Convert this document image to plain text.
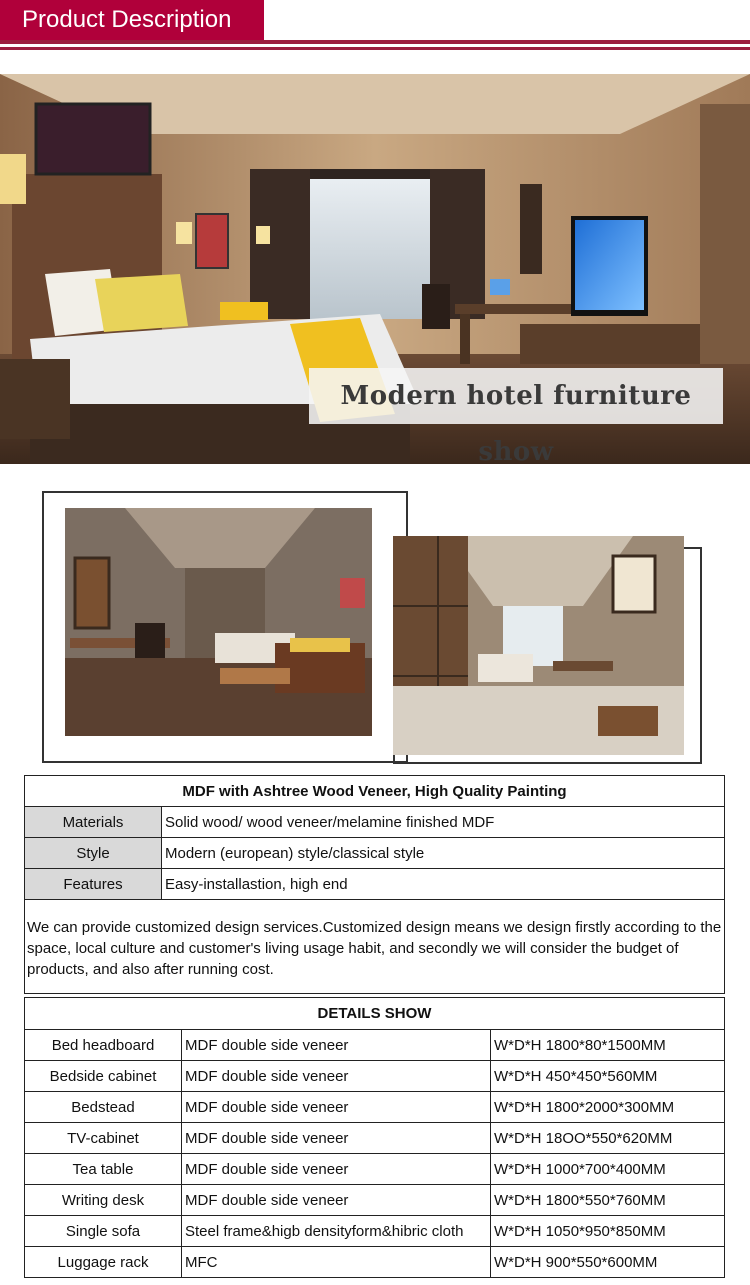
Product Description
Modern hotel furniture show
MDF with Ashtree Wood Veneer, High Quality Painting	
Materials	Solid wood/ wood veneer/melamine finished MDF
Style	Modern (european) style/classical style
Features	Easy-installastion, high end
We can provide customized design services.Customized design means we design firstly according to the space, local culture and customer's living usage habit, and secondly we will consider the budget of products, and also after running cost.
DETAILS SHOW		
Bed headboard	MDF double side veneer	W*D*H 1800*80*1500MM
Bedside cabinet	MDF double side veneer	W*D*H 450*450*560MM
Bedstead	MDF double side veneer	W*D*H 1800*2000*300MM
TV-cabinet	MDF double side veneer	W*D*H 18OO*550*620MM
Tea table	MDF double side veneer	W*D*H 1000*700*400MM
Writing desk	MDF double side veneer	W*D*H 1800*550*760MM
Single sofa	Steel frame&higb densityform&hibric cloth	W*D*H 1050*950*850MM
Luggage rack	MFC	W*D*H 900*550*600MM
